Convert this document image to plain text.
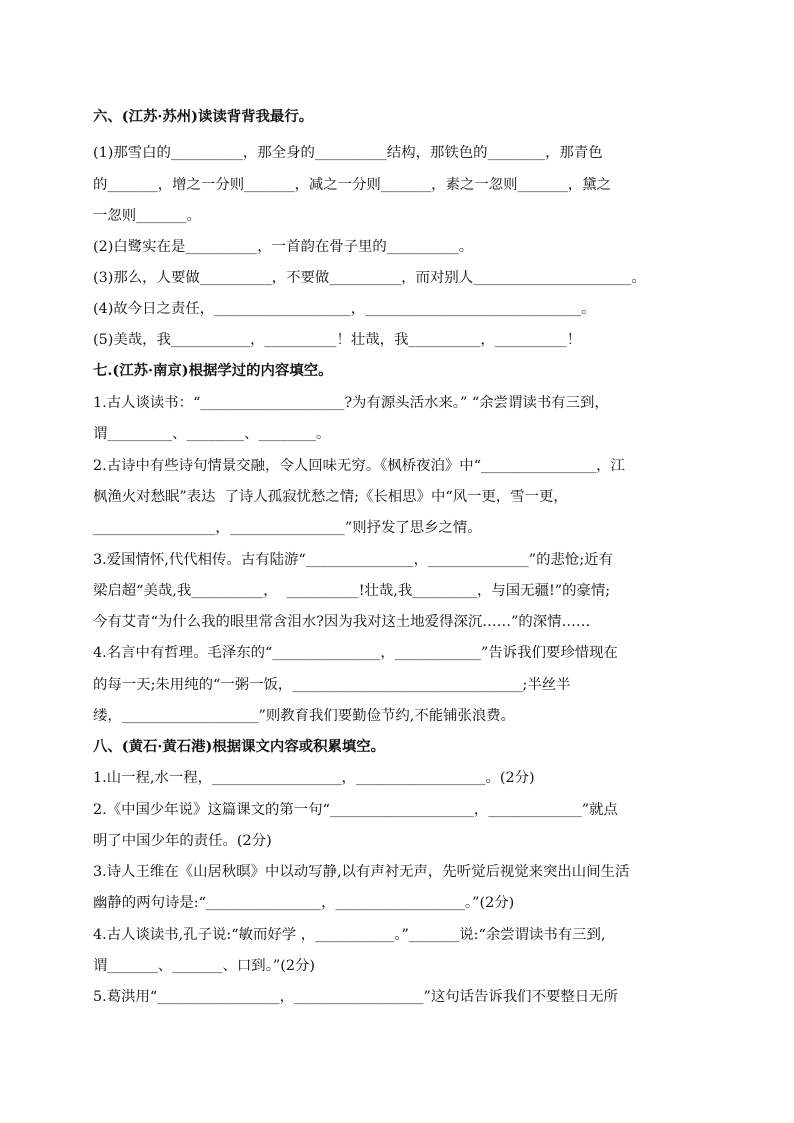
六、(江苏·苏州)读读背背我最行。
(1)那雪白的__________，那全身的__________结构，那铁色的________，那青色
的_______，增之一分则_______，减之一分则_______，素之一忽则_______，黛之
一忽则_______。
(2)白鹭实在是__________，一首韵在骨子里的__________。
(3)那么，人要做__________，不要做__________，而对别人______________________。
(4)故今日之责任，___________________，______________________________。
(5)美哉，我___________，__________！壮哉，我__________，__________！
七.(江苏·南京)根据学过的内容填空。
1.古人谈读书：“____________________?为有源头活水来。” “余尝谓读书有三到，
谓_________、________、________。
2.古诗中有些诗句情景交融，令人回味无穷。《枫桥夜泊》中“________________，江
枫渔火对愁眠”表达  了诗人孤寂忧愁之情;《长相思》中“风一更，雪一更，
_________________，________________”则抒发了思乡之情。
3.爱国情怀,代代相传。古有陆游“_______________，______________”的悲怆;近有
梁启超“美哉,我__________，  __________!壮哉,我_________，与国无疆!”的豪情;
今有艾青“为什么我的眼里常含泪水?因为我对这土地爱得深沉……”的深情……
4.名言中有哲理。毛泽东的“_______________，____________”告诉我们要珍惜现在
的每一天;朱用纯的“一粥一饭，________________________________;半丝半
缕，___________________”则教育我们要勤俭节约,不能铺张浪费。
八、(黄石·黄石港)根据课文内容或积累填空。
1.山一程,水一程，__________________，__________________。(2分)
2.《中国少年说》这篇课文的第一句“____________________，_____________”就点
明了中国少年的责任。(2分)
3.诗人王维在《山居秋暝》中以动写静,以有声衬无声，先听觉后视觉来突出山间生活
幽静的两句诗是:“________________，__________________。”(2分)
4.古人谈读书,孔子说:“敏而好学 ，___________。”_______说:“余尝谓读书有三到,
谓_______、_______、口到。”(2分)
5.葛洪用“_________________，__________________”这句话告诉我们不要整日无所
